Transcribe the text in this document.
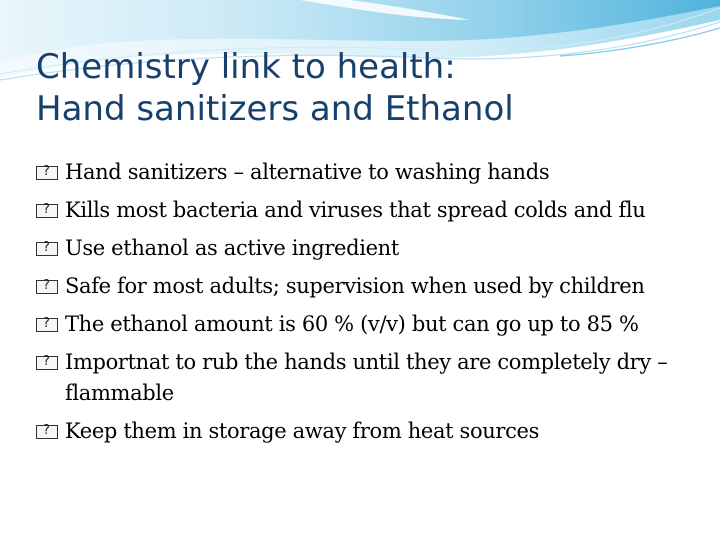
Chemistry link to health:
Hand sanitizers and Ethanol
?
Hand sanitizers – alternative to washing hands
?
Kills most bacteria and viruses that spread colds and flu
?
Use ethanol as active ingredient
?
Safe for most adults; supervision when used by children
?
The ethanol amount is 60 % (v/v) but can go up to 85 %
?
Importnat to rub the hands until they are completely dry – flammable
?
Keep them in storage away from heat sources
